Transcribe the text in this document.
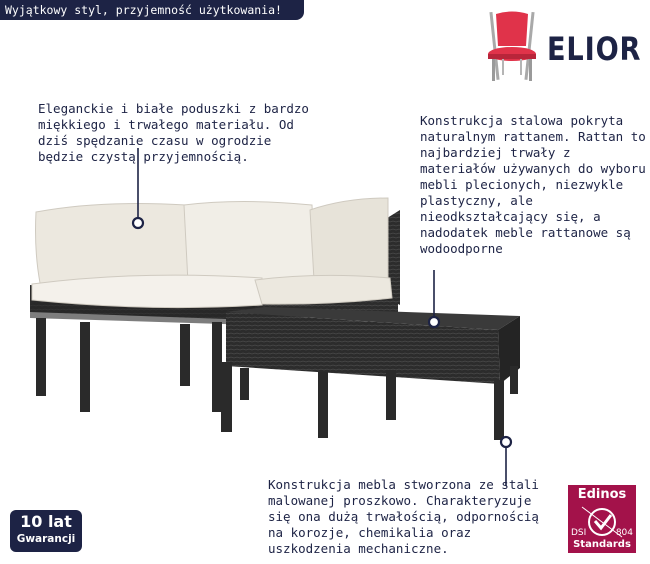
Wyjątkowy styl, przyjemność użytkowania!
ELIOR

Eleganckie i białe poduszki z bardzo miękkiego i trwałego materiału. Od dziś spędzanie czasu w ogrodzie będzie czystą przyjemnością.

Konstrukcja stalowa pokryta naturalnym rattanem. Rattan to najbardziej trwały z materiałów używanych do wyboru mebli plecionych, niezwykle plastyczny, ale nieodkształcający się, a nadodatek meble rattanowe są wodoodporne

Konstrukcja mebla stworzona ze stali malowanej proszkowo. Charakteryzuje się ona dużą trwałością, odpornością na korozje, chemikalia oraz uszkodzenia mechaniczne.

10 lat
Gwarancji
Edinos
DSI	804
Standards
